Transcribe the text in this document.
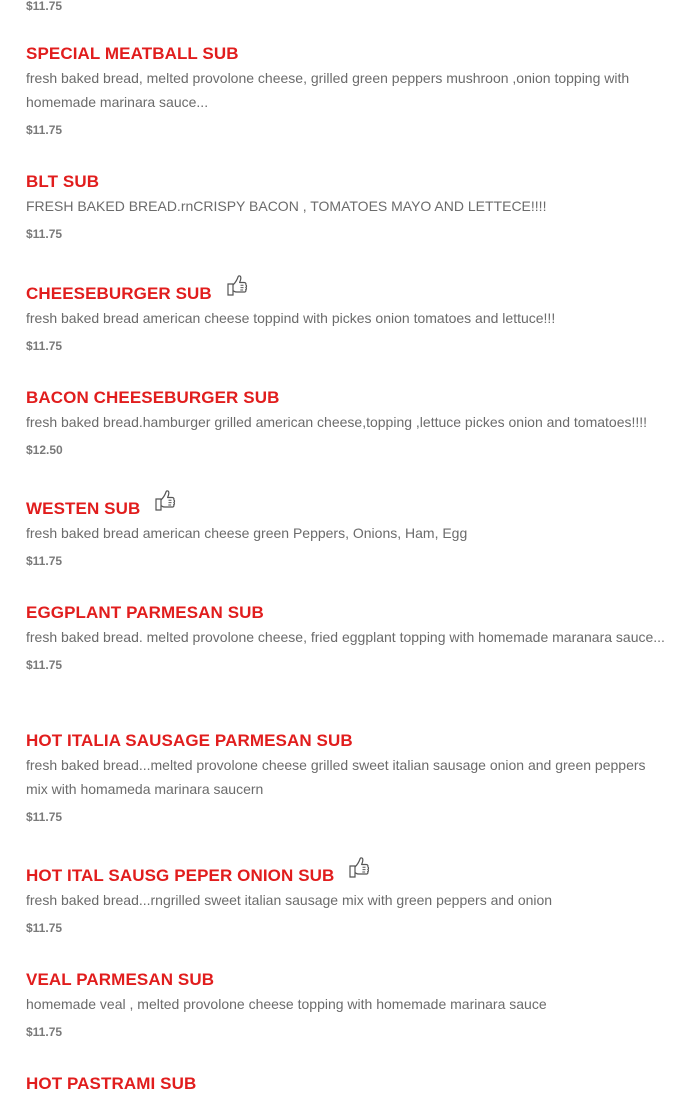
$11.75
SPECIAL MEATBALL SUB
fresh baked bread, melted provolone cheese, grilled green peppers mushroon ,onion topping with homemade marinara sauce...
$11.75
BLT SUB
FRESH BAKED BREAD.rnCRISPY BACON , TOMATOES MAYO AND LETTECE!!!!
$11.75
CHEESEBURGER SUB
fresh baked bread american cheese toppind with pickes onion tomatoes and lettuce!!!
$11.75
BACON CHEESEBURGER SUB
fresh baked bread.hamburger grilled american cheese,topping ,lettuce pickes onion and tomatoes!!!!
$12.50
WESTEN SUB
fresh baked bread american cheese green Peppers, Onions, Ham, Egg
$11.75
EGGPLANT PARMESAN SUB
fresh baked bread. melted provolone cheese, fried eggplant topping with homemade maranara sauce...
$11.75
HOT ITALIA SAUSAGE PARMESAN SUB
fresh baked bread...melted provolone cheese grilled sweet italian sausage onion and green peppers mix with homameda marinara saucern
$11.75
HOT ITAL SAUSG PEPER ONION SUB
fresh baked bread...rngrilled sweet italian sausage mix with green peppers and onion
$11.75
VEAL PARMESAN SUB
homemade veal , melted provolone cheese topping with homemade marinara sauce
$11.75
HOT PASTRAMI SUB
